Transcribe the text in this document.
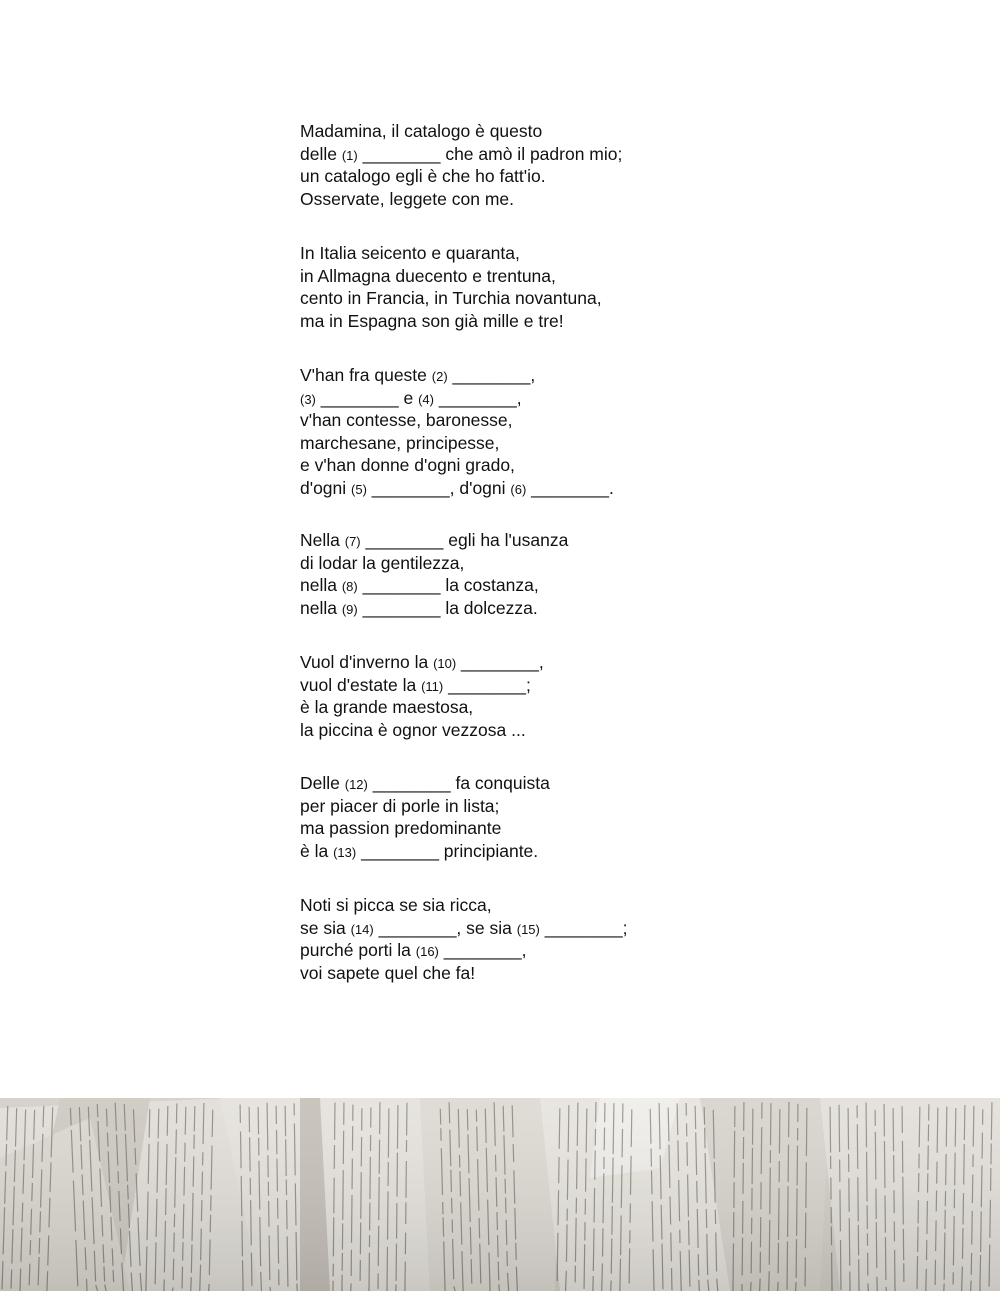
Madamina, il catalogo è questo
delle (1) ________ che amò il padron mio;
un catalogo egli è che ho fatt'io.
Osservate, leggete con me.
In Italia seicento e quaranta,
in Allmagna duecento e trentuna,
cento in Francia, in Turchia novantuna,
ma in Espagna son già mille e tre!
V'han fra queste (2) ________,
(3) ________ e (4) ________,
v'han contesse, baronesse,
marchesane, principesse,
e v'han donne d'ogni grado,
d'ogni (5) ________, d'ogni (6) ________.
Nella (7) ________ egli ha l'usanza
di lodar la gentilezza,
nella (8) ________ la costanza,
nella (9) ________ la dolcezza.
Vuol d'inverno la (10) ________,
vuol d'estate la (11) ________;
è la grande maestosa,
la piccina è ognor vezzosa ...
Delle (12) ________ fa conquista
per piacer di porle in lista;
ma passion predominante
è la (13) ________ principiante.
Noti si picca se sia ricca,
se sia (14) ________, se sia (15) ________;
purché porti la (16) ________,
voi sapete quel che fa!
